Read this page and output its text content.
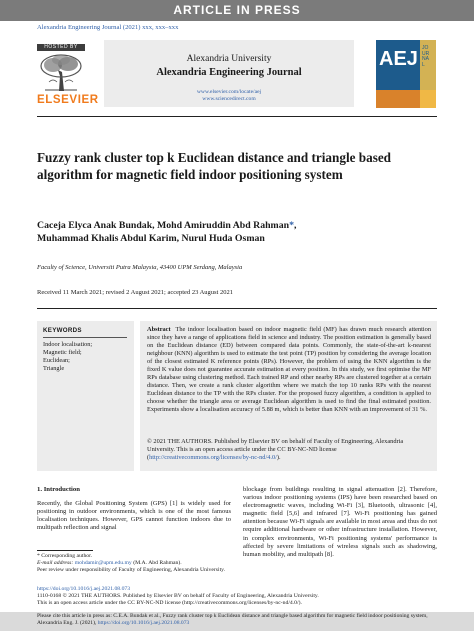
ARTICLE IN PRESS
Alexandria Engineering Journal (2021) xxx, xxx–xxx
HOSTED BY
ELSEVIER
Alexandria University
Alexandria Engineering Journal
www.elsevier.com/locate/aej
www.sciencedirect.com
AEJ JOURNAL
Fuzzy rank cluster top k Euclidean distance and triangle based algorithm for magnetic field indoor positioning system
Caceja Elyca Anak Bundak, Mohd Amiruddin Abd Rahman*,
Muhammad Khalis Abdul Karim, Nurul Huda Osman
Faculty of Science, Universiti Putra Malaysia, 43400 UPM Serdang, Malaysia
Received 11 March 2021; revised 2 August 2021; accepted 23 August 2021
KEYWORDS
Indoor localisation;
Magnetic field;
Euclidean;
Triangle
Abstract The indoor localisation based on indoor magnetic field (MF) has drawn much research attention since they have a range of applications field in science and industry. The position estimation is generally based on the Euclidean distance (ED) between compared data points. Commonly, the state-of-the-art k-nearest neighbour (KNN) algorithm is used to estimate the test point (TP) position by considering the average location of the closest estimated K reference points (RPs). However, the problem of using the KNN algorithm is the fixed K value does not guarantee accurate estimation at every position. In this study, we first optimise the MF RPs database using clustering method. Each trained RP and other nearby RPs are clustered together at a certain distance. Then, we create a rank cluster algorithm where we match the top 10 ranks RPs with the nearest Euclidean distance to the TP with the RPs cluster. For the proposed fuzzy algorithm, a condition is applied to choose whether the triangle area or average Euclidean algorithm is used to find the final estimated position. Experiments show a localisation accuracy of 5.88 m, which is better than KNN with an improvement of 31 %.
© 2021 THE AUTHORS. Published by Elsevier BV on behalf of Faculty of Engineering, Alexandria University. This is an open access article under the CC BY-NC-ND license (http://creativecommons.org/licenses/by-nc-nd/4.0/).
1. Introduction
Recently, the Global Positioning System (GPS) [1] is widely used for positioning in outdoor environments, which is one of the most famous localisation techniques. However, GPS cannot function indoors due to multipath reflection and signal
blockage from buildings resulting in signal attenuation [2]. Therefore, various indoor positioning systems (IPS) have been researched based on electromagnetic waves, including Wi-Fi [3], Bluetooth, ultrasonic [4], magnetic field [5,6] and infrared [7]. Wi-Fi positioning has gained attention because Wi-Fi signals are available in most areas and thus do not require additional hardware or other infrastructure installation. However, in complex environments, Wi-Fi positioning systems' performance is affected by severe limitations of wireless signals such as shadowing, human mobility, and multipath [8].
* Corresponding author.
E-mail address: mohdamir@upm.edu.my (M.A. Abd Rahman).
Peer review under responsibility of Faculty of Engineering, Alexandria University.
https://doi.org/10.1016/j.aej.2021.08.073
1110-0168 © 2021 THE AUTHORS. Published by Elsevier BV on behalf of Faculty of Engineering, Alexandria University.
This is an open access article under the CC BY-NC-ND license (http://creativecommons.org/licenses/by-nc-nd/4.0/).
Please cite this article in press as: C.E.A. Bundak et al., Fuzzy rank cluster top k Euclidean distance and triangle based algorithm for magnetic field indoor positioning system, Alexandria Eng. J. (2021), https://doi.org/10.1016/j.aej.2021.08.073
